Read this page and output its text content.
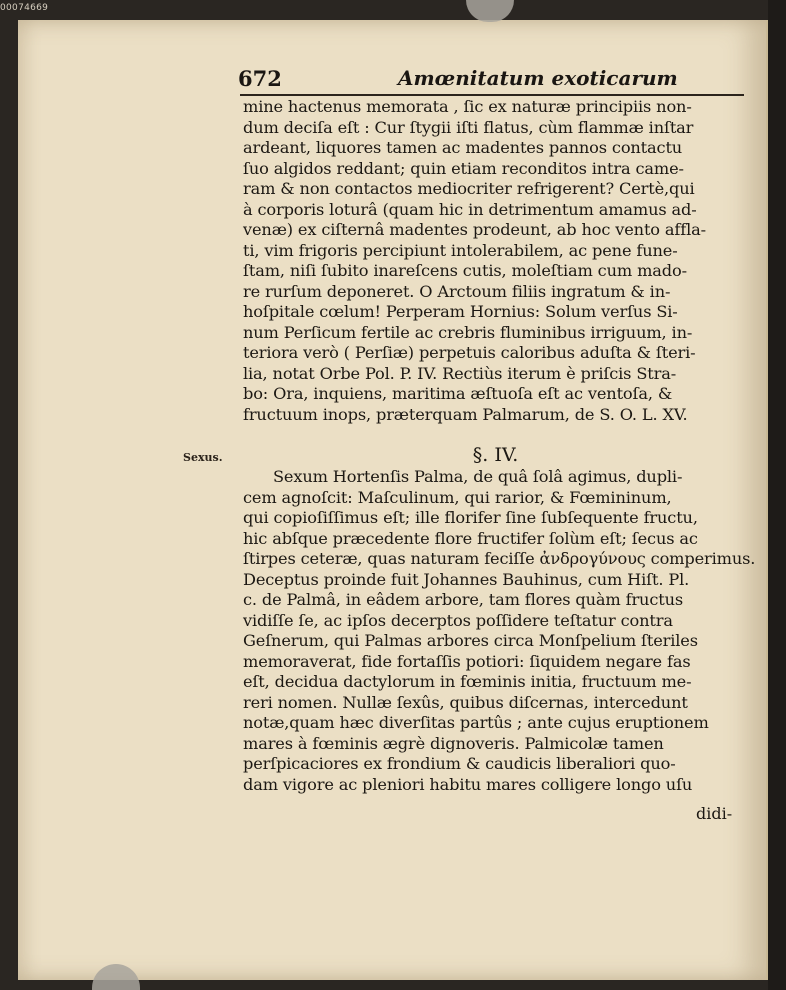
00074669
672	Amœnitatum exoticarum
mine hactenus memorata , ſic ex naturæ principiis non-
dum deciſa eſt : Cur ſtygii iſti flatus, cùm flammæ inſtar
ardeant, liquores tamen ac madentes pannos contactu
ſuo algidos reddant; quin etiam reconditos intra came-
ram & non contactos mediocriter refrigerent? Certè,qui
à corporis loturâ (quam hic in detrimentum amamus ad-
venæ) ex ciſternâ madentes prodeunt, ab hoc vento affla-
ti, vim frigoris percipiunt intolerabilem, ac pene fune-
ſtam, niſi ſubito inareſcens cutis, moleſtiam cum mado-
re rurſum deponeret. O Arctoum filiis ingratum & in-
hoſpitale cœlum! Perperam Hornius: Solum verſus Si-
num Perſicum fertile ac crebris fluminibus irriguum, in-
teriora verò ( Perſiæ) perpetuis caloribus aduſta & ſteri-
lia, notat Orbe Pol. P. IV. Rectiùs iterum è priſcis Stra-
bo: Ora, inquiens, maritima æſtuoſa eſt ac ventoſa, &
fructuum inops, præterquam Palmarum, de S. O. L. XV.
Sexus.	§. IV.
Sexum Hortenſis Palma, de quâ ſolâ agimus, dupli-
cem agnoſcit: Maſculinum, qui rarior, & Fœmininum,
qui copioſiſſimus eſt; ille florifer ſine ſubſequente fructu,
hic abſque præcedente flore fructifer ſolùm eſt; ſecus ac
ſtirpes ceteræ, quas naturam feciſſe ἀνδρογύνους comperimus.
Deceptus proinde fuit Johannes Bauhinus, cum Hiſt. Pl.
c. de Palmâ, in eâdem arbore, tam flores quàm fructus
vidiſſe ſe, ac ipſos decerptos poſſidere teſtatur contra
Geſnerum, qui Palmas arbores circa Monſpelium ſteriles
memoraverat, fide fortaſſis potiori: ſiquidem negare fas
eſt, decidua dactylorum in fœminis initia, fructuum me-
reri nomen. Nullæ ſexûs, quibus diſcernas, intercedunt
notæ,quam hæc diverſitas partûs ; ante cujus eruptionem
mares à fœminis ægrè dignoveris. Palmicolæ tamen
perſpicaciores ex frondium & caudicis liberaliori quo-
dam vigore ac pleniori habitu mares colligere longo uſu
didi-
